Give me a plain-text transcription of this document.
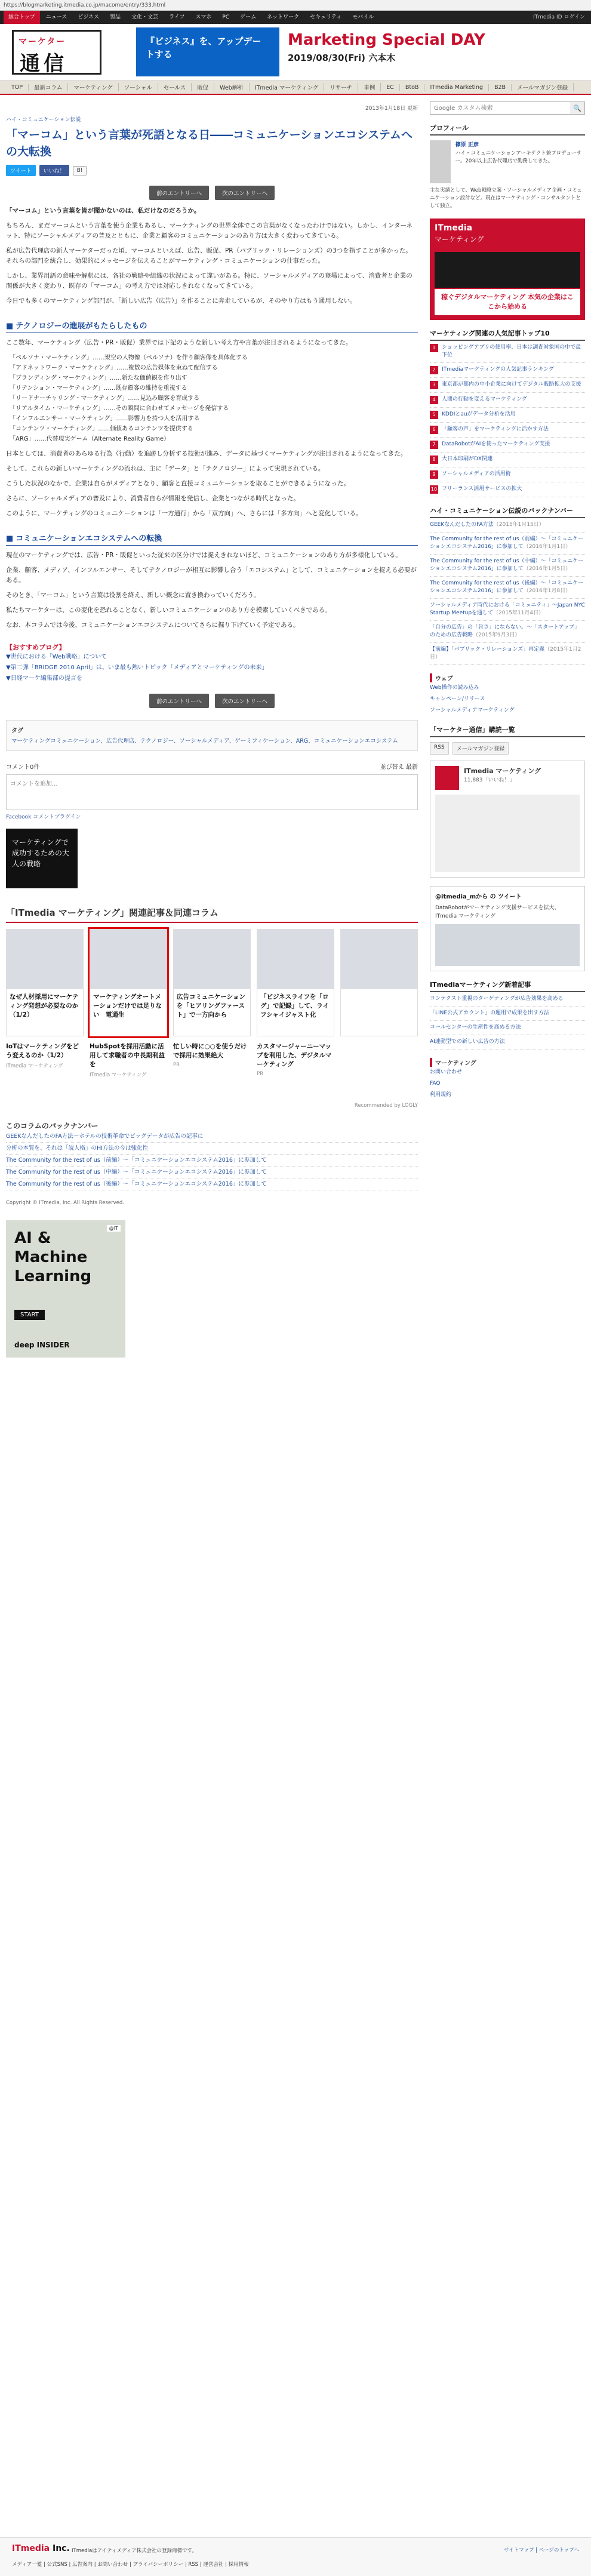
https://blogmarketing.itmedia.co.jp/macome/entry/333.html
総合トップ	ニュース	ビジネス	製品	文化・文芸	ライフ	スマホ	PC	ゲーム	ネットワーク	セキュリティ	モバイル	ITmedia ID ログイン
マーケター
通信
『ビジネス』を、アップデートする
Marketing Special DAY
2019/08/30(Fri) 六本木
TOP	最新コラム	マーケティング	ソーシャル	セールス	販促	Web解析	ITmedia マーケティング	リサーチ	事例	EC	BtoB	ITmedia Marketing	B2B	メールマガジン登録
2013年1月18日 更新
ハイ・コミュニケーション伝説
「マーコム」という言葉が死語となる日――コミュニケーションエコシステムへの大転換
ツイート	いいね！	B!
前のエントリーへ	次のエントリーへ

「マーコム」という言葉を皆が聞かないのは、私だけなのだろうか。

もちろん、まだマーコムという言葉を使う企業もあるし、マーケティングの世界全体でこの言葉がなくなったわけではない。しかし、インターネット、特にソーシャルメディアの普及とともに、企業と顧客のコミュニケーションのあり方は大きく変わってきている。

私が広告代理店の新人マーケターだった頃、マーコムといえば、広告、販促、PR（パブリック・リレーションズ）の3つを指すことが多かった。それらの部門を統合し、効果的にメッセージを伝えることがマーケティング・コミュニケーションの仕事だった。

しかし、業界用語の意味や解釈には、各社の戦略や組織の状況によって違いがある。特に、ソーシャルメディアの登場によって、消費者と企業の関係が大きく変わり、既存の「マーコム」の考え方では対応しきれなくなってきている。

今日でも多くのマーケティング部門が、「新しい広告（広告）」を作ることに奔走しているが、そのやり方はもう通用しない。

■ テクノロジーの進展がもたらしたもの

ここ数年、マーケティング（広告・PR・販促）業界では下記のような新しい考え方や言葉が注目されるようになってきた。

「ペルソナ・マーケティング」……架空の人物像（ペルソナ）を作り顧客像を具体化する
「アドネットワーク・マーケティング」……複数の広告媒体を束ねて配信する
「ブランディング・マーケティング」……新たな価値観を作り出す
「リテンション・マーケティング」……既存顧客の維持を重視する
「リードナーチャリング・マーケティング」……見込み顧客を育成する
「リアルタイム・マーケティング」……その瞬間に合わせてメッセージを発信する
「インフルエンサー・マーケティング」……影響力を持つ人を活用する
「コンテンツ・マーケティング」……価値あるコンテンツを提供する
「ARG」……代替現実ゲーム（Alternate Reality Game）

日本としては、消費者のあらゆる行為（行動）を追跡し分析する技術が進み、データに基づくマーケティングが注目されるようになってきた。

そして、これらの新しいマーケティングの流れは、主に「データ」と「テクノロジー」によって実現されている。

こうした状況のなかで、企業は自らがメディアとなり、顧客と直接コミュニケーションを取ることができるようになった。

さらに、ソーシャルメディアの普及により、消費者自らが情報を発信し、企業とつながる時代となった。

このように、マーケティングのコミュニケーションは「一方通行」から「双方向」へ、さらには「多方向」へと変化している。

■ コミュニケーションエコシステムへの転換

現在のマーケティングでは、広告・PR・販促といった従来の区分けでは捉えきれないほど、コミュニケーションのあり方が多様化している。

企業、顧客、メディア、インフルエンサー、そしてテクノロジーが相互に影響し合う「エコシステム」として、コミュニケーションを捉える必要がある。

そのとき、「マーコム」という言葉は役割を終え、新しい概念に置き換わっていくだろう。

私たちマーケターは、この変化を恐れることなく、新しいコミュニケーションのあり方を模索していくべきである。

なお、本コラムでは今後、コミュニケーションエコシステムについてさらに掘り下げていく予定である。

【おすすめブログ】
▼世代における「Web戦略」について
▼第二弾「BRIDGE 2010 April」は、いま最も熱いトピック「メディアとマーケティングの未来」
▼日経マーケ編集部の提言を
前のエントリーへ	次のエントリーへ
タグ
マーケティングコミュニケーション、広告代理店、テクノロジー、ソーシャルメディア、ゲーミフィケーション、ARG、コミュニケーションエコシステム
コメント0件	並び替え 最新
コメントを追加...
Facebook コメントプラグイン
マーケティングで成功するための大人の戦略
「ITmedia マーケティング」関連記事＆同連コラム
なぜ人材採用にマーケティング発想が必要なのか（1/2）
マーケティングオートメーションだけでは足りない　電通生
広告コミュニケーションを「ヒアリングファースト」で一方向から
「ビジネスライフを「ログ」で記録」して、ライフシャイジャスト化
IoTはマーケティングをどう変えるのか（1/2）
ITmedia マーケティング
HubSpotを採用活動に活用して求職者の中長期利益を
ITmedia マーケティング
忙しい時に○○を使うだけで採用に効果絶大
PR
カスタマージャーニーマップを利用した、デジタルマーケティング
PR
Recommended by LOGLY
このコラムのパックナンバー
GEEKなんだしたのFA方法〜ホテルの技術革命でビッグデータが広告の記事に
分析の本質を、それは「読人格」のHI方法の今は強化性
The Community for the rest of us（前編）〜「コミュニケーションエコシステム2016」に参加して
The Community for the rest of us（中編）〜「コミュニケーションエコシステム2016」に参加して
The Community for the rest of us（後編）〜「コミュニケーションエコシステム2016」に参加して
Copyright © ITmedia, Inc. All Rights Reserved.
@IT
AI & Machine Learning
START
deep INSIDER
Google カスタム検索
🔍
プロフィール
篠原 正彦
ハイ・コミュニケーションアーキテクト兼プロデューサー。20年以上広告代理店で勤務してきた。
主な実績として、Web戦略立案・ソーシャルメディア企画・コミュニケーション設計など。現在はマーケティング・コンサルタントとして独立。
ITmedia
マーケティング
稼ぐデジタルマーケティング 本気の企業はここから始める
マーケティング関連の人気記事トップ10
1	ショッピングアプリの使用率、日本は調査対象国の中で最下位
2	ITmediaマーケティングの人気記事ランキング
3	東京都が都内の中小企業に向けてデジタル販路拡大の支援
4	人間の行動を変えるマーケティング
5	KDDIとauがデータ分析を活用
6	「顧客の声」をマーケティングに活かす方法
7	DataRobotがAIを使ったマーケティング支援
8	大日本印刷がDX関連
9	ソーシャルメディアの活用術
10 フリーランス活用サービスの拡大
ハイ・コミュニケーション伝説のバックナンバー
GEEKなんだしたのFA方法（2015年1月15日）
The Community for the rest of us（前編）〜「コミュニケーションエコシステム2016」に参加して（2016年1月1日）
The Community for the rest of us（中編）〜「コミュニケーションエコシステム2016」に参加して（2016年1月5日）
The Community for the rest of us（後編）〜「コミュニケーションエコシステム2016」に参加して（2016年1月8日）
ソーシャルメディア時代における「コミュニティ」〜Japan NYC Startup Meetupを通して（2015年11月4日）
「自分の広告」の「旨さ」にならない。〜「スタートアップ」のための広告戦略（2015年9月3日）
【前編】「パブリック・リレーションズ」再定義（2015年1月2日）
ウェブ
Web操作の読み込み
キャンペーン/リリース
ソーシャルメディアマーケティング
「マーケター通信」購読一覧
RSS	メールマガジン登録
ITmedia マーケティング
11,883「いいね！」
@itmedia_mから の ツイート
DataRobotがマーケティング支援サービスを拡大、ITmedia マーケティング
ITmediaマーケティング新着記事
コンテクスト重視のターゲティングが広告効果を高める
「LINE公式アカウント」の運用で成果を出す方法
コールセンターの生産性を高める方法
AI連動型での新しい広告の方法
マーケティング
お問い合わせ
FAQ
利用規約
ITmedia Inc. ITmediaはアイティメディア株式会社の登録商標です。
メディア一覧 | 公式SNS | 広告案内 | お問い合わせ | プライバシーポリシー | RSS | 運営会社 | 採用情報
サイトマップ | ページのトップへ
